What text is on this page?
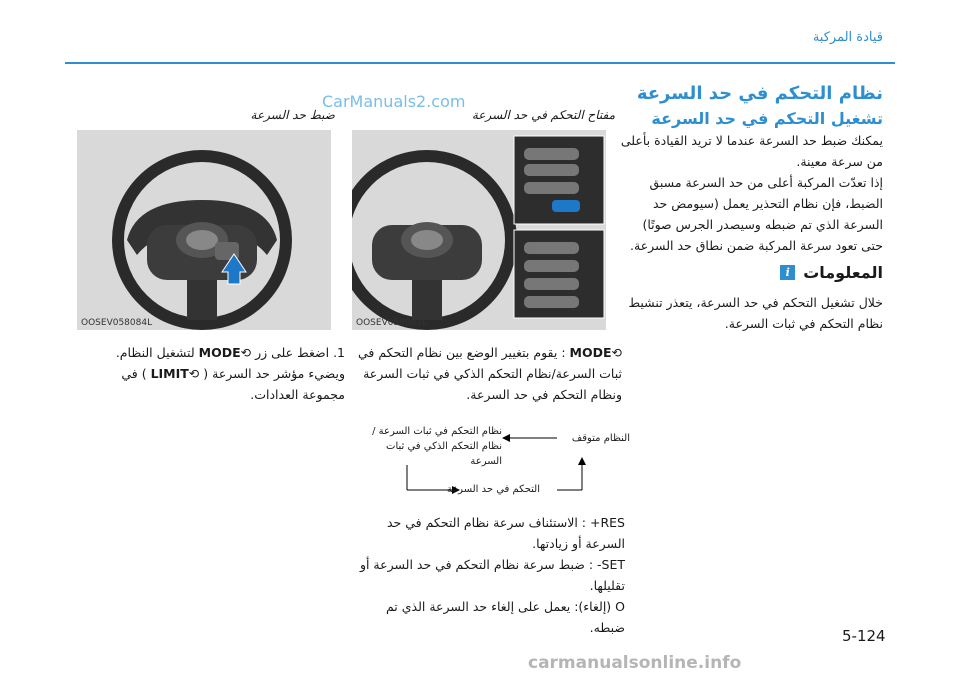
قيادة المركبة
CarManuals2.com
ضبط حد السرعة	مفتاح التحكم في حد السرعة
OOSEV058084L	OOSEV058083L
نظام التحكم في حد السرعة
تشغيل التحكم في حد السرعة
يمكنك ضبط حد السرعة عندما لا تريد القيادة بأعلى من سرعة معينة.
إذا تعدّت المركبة أعلى من حد السرعة مسبق الضبط، فإن نظام التحذير يعمل (سيومض حد السرعة الذي تم ضبطه وسيصدر الجرس صوتًا) حتى تعود سرعة المركبة ضمن نطاق حد السرعة.
المعلومات
i
خلال تشغيل التحكم في حد السرعة، يتعذر تنشيط نظام التحكم في ثبات السرعة.
1. اضغط على زر ⟲MODE لتشغيل النظام.
ويضيء مؤشر حد السرعة ( ⟲LIMIT ) في مجموعة العدادات.
⟲MODE : يقوم بتغيير الوضع بين نظام التحكم في ثبات السرعة/نظام التحكم الذكي في ثبات السرعة ونظام التحكم في حد السرعة.
نظام التحكم في ثبات السرعة / نظام التحكم الذكي في ثبات السرعة
النظام متوقف
التحكم في حد السرعة
RES+ : الاستئناف سرعة نظام التحكم في حد السرعة أو زيادتها.
SET- : ضبط سرعة نظام التحكم في حد السرعة أو تقليلها.
O (إلغاء): يعمل على إلغاء حد السرعة الذي تم ضبطه.	5-124
carmanualsonline.info
